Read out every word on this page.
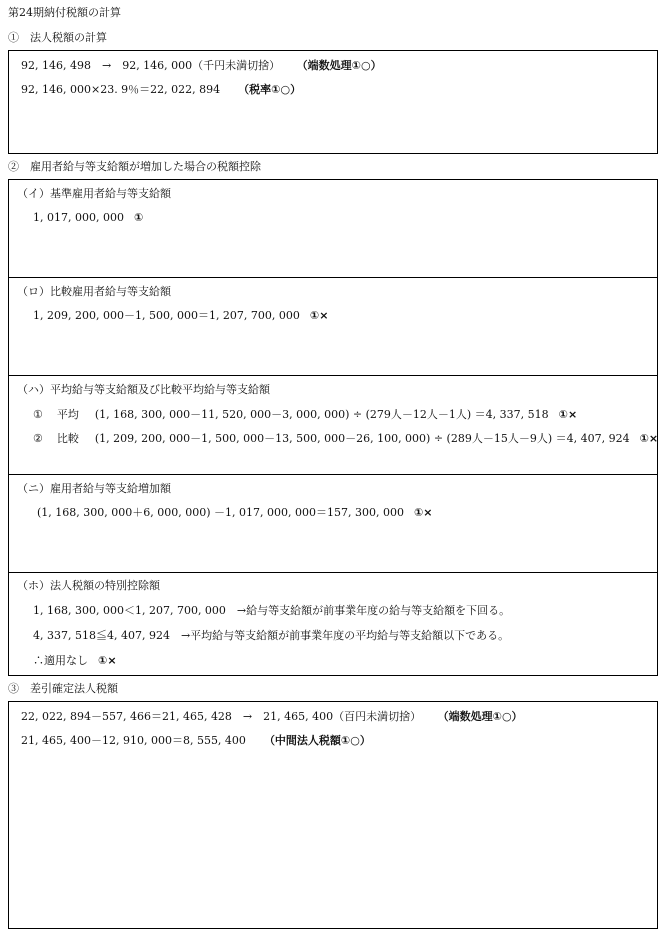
第24期納付税額の計算
①　法人税額の計算
92, 146, 498　→　92, 146, 000（千円未満切捨） （端数処理①○）
92, 146, 000×23. 9％＝22, 022, 894 （税率①○）
②　雇用者給与等支給額が増加した場合の税額控除
（イ）基準雇用者給与等支給額
1, 017, 000, 000 ①
（ロ）比較雇用者給与等支給額
1, 209, 200, 000－1, 500, 000＝1, 207, 700, 000 ①×
（ハ）平均給与等支給額及び比較平均給与等支給額
① 平均 (1, 168, 300, 000－11, 520, 000－3, 000, 000) ÷ (279人－12人－1人) ＝4, 337, 518 ①×
② 比較 (1, 209, 200, 000－1, 500, 000－13, 500, 000－26, 100, 000) ÷ (289人－15人－9人) ＝4, 407, 924 ①×
（ニ）雇用者給与等支給増加額
(1, 168, 300, 000＋6, 000, 000) －1, 017, 000, 000＝157, 300, 000 ①×
（ホ）法人税額の特別控除額
1, 168, 300, 000＜1, 207, 700, 000　→給与等支給額が前事業年度の給与等支給額を下回る。
4, 337, 518≦4, 407, 924　→平均給与等支給額が前事業年度の平均給与等支給額以下である。
∴適用なし ①×
③　差引確定法人税額
22, 022, 894－557, 466＝21, 465, 428　→　21, 465, 400（百円未満切捨） （端数処理①○）
21, 465, 400－12, 910, 000＝8, 555, 400 （中間法人税額①○）
